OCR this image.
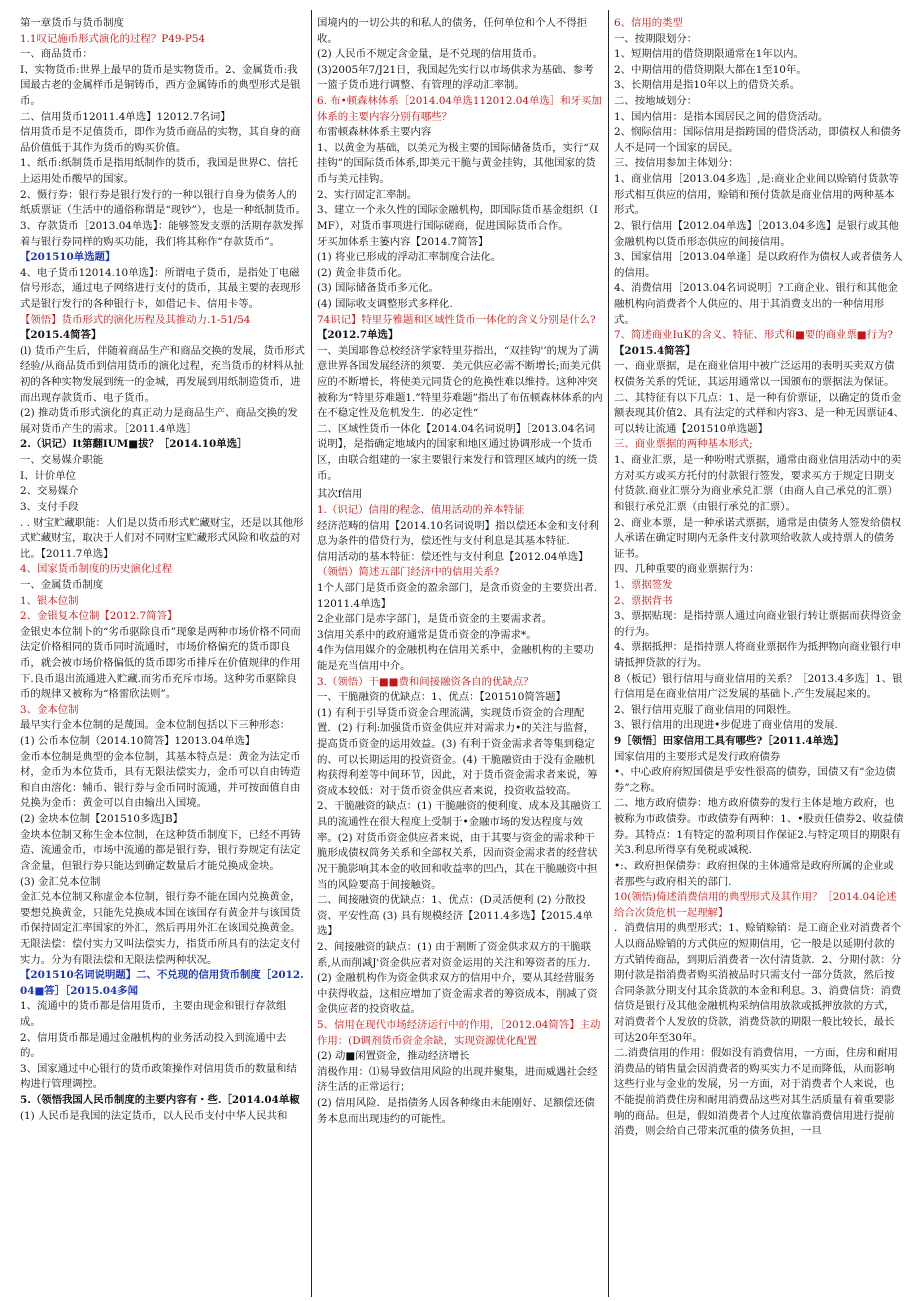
第一章货币与货币制度

1.1叹记施币形式演化的过程？P49-P54

一、商品货币：

I、实物货币:世界上最早的货币是实物货币。2、金属货币:我国最古老的金属样币是铜铸币，西方金属铸币的典型形式是银币。

二、信用货币12011.4单选】12012.7名词】

信用货币是不足值货币，即作为货币商品的实物，其自身的商品价值低于其作为货币的购买价值。

1、纸币:纸制货币是指用纸制作的货币，我国是世界C、信托上运用处币酸早的国家。

2、慑行券：银行券是银行发行的一种以银行自身为债务人的纸质票证（生活中的通俗称谓是“现钞”），也是一种纸制货币。

3、存款货币［2013.04单选】：能够签发支票的活期存款发挥着与银行券同样的购买功能，我们将其称作“存款货币”。

【201510单选题】

4、电子货币12014.10单选】：所谓电子货币，是指处丁电磁信号形态，通过电子网络进行支付的货币，其最主要的表现形式是银行发行的各种银行卡，如借记卡、信用卡等。

【领悟】货币形式的演化历程及其推动力.1-51/54

【2015.4简答】

(l) 货币产生后，伴随着商品生产和商品交换的发展，货币形式经验/从商品货币到信用货币的演化过程，充当货币的材料从扯初的各种实物发展到统一的金城，再发展到用纸制造货币，进而出现存款货币、电子货币。

(2) 推动货币形式演化的真正动力是商品生产、商品交换的发展对货币产生的需求。［2011.4单选］

2.（识记）It第翻IUM■拔？［2014.10单选］

一、交易媒介职能

I、计价单位

2、交易媒介

3、支付手段

. . 财宝贮藏职能：人们是以货币形式贮藏财宝，还是以其他形式贮藏财宝，取决于人们对不同财宝贮藏形式风险和收益的对比。【2011.7单选】

4、国家货币制度的历史演化过程

一、金属货币制度

1、银本位制

2、金银复本位制【2012.7简答】

金银史本位制卜的“劣币驱除良币”现象是两种市场价格不同而法定价格相同的货币同时流通时，市场价格偏充的货币即良币，就会被市场价格偏低的货币即劣币排斥在价值规律的作用下.良币退出流通进入贮藏.而劣币充斥市场。这种劣币驱除良币的规律又被称为“格雷欣法则”。

3、金本位制

最早实行金本位制的是蔑国。金本位制包括以下三种形态：

(1) 公币本位制（2014.10简答】12013.04单选】

金币本位制是典型的金本位制，其基本特点是：黄金为法定币材，金币为本位货币，具有无限法偿实力，金币可以自由铸造和自由溶化：辅币、银行券与金币同时流通，并可按面值自由兑换为金币：黄金可以自由输出入国境。

(2) 金块本位制【201510多选JB】

金块本位制又称生金本位制，在这种货币制度下，已经不再铸造、流通金币，市场中流通的都是银行券，银行券规定有法定含金量，但银行券只能达到确定数量后才能兑换成金块。

(3) 金汇兑本位制

金汇兑本位制又称虚金本位制，银行券不能在国内兑换黄金，要想兑换黄金，只能先兑换成本国在该国存有黄金并与该国货币保持固定汇率国家的外汇，然后再用外汇在该国兑换黄金。

无限法偿：偿付实力又叫法偿实力，指货币所具有的法定支付实力。分为有限法偿和无限法偿两种状况。

【201510名词说明题】二、不兑现的信用货币制度［2012.04■答］［2015.04多闻

1、流通中的货币都是信用货币，主要由现金和银行存款组成。

2、信用货币都是通过金融机构的业务活动投入到流通中去的。

3、国家通过中心银行的货币政策操作对信用货币的数量和结构进行管理调控。

5.（领悟我国人民币制度的主要内容有・些.［2014.04单椒

(1) 人民币是我国的法定货币，以人民币支付中华人民共和

国境内的一切公共的和私人的债务，任何单位和个人不得拒收。

(2) 人民币不规定含金量，是不兑现的信用货币。

(3)2005年7/J21日，我国起先实行以市场供求为基础、参考一篮子货币进行调整、有管理的浮动汇率制。

6. 布•顿森林体系［2014.04单选112012.04单选］和牙买加体系的主要内容分别有哪些？

布雷顿森林体系主要内容

1、以黄金为基础，以美元为极主要的国际储备货币，实行“双挂钩”的国际货币体系,即美元干脆与黄金挂钩，其他国家的货币与美元挂钩。

2、实行固定汇率制。

3、建立一个永久性的国际金融机构，即国际货币基金组织（IMF），对货币事项进行国际磋商，促进国际货币合作。

牙买加体系主篓内容【2014.7简答】

(1) 将业已形成的浮动汇率制度合法化。

(2) 黄金非货币化。

(3) 国际储备货币多元化。

(4) 国际收支调整形式多样化.

74识记】特里芬雅题和区域性货币一体化的含义分别是什么?

【2012.7单选】

一、美国耶鲁总校经济学家特里芬指出，“双挂钩'’的规为了满意世界各国发展经济的须要．美元供应必需不断增长;而美元供应的不断增长，将使美元同货仑的危换性难以维持。这种冲突被称为“特里芬难题1.”特里芬难题”指出了布伍顿森林体系的内在不稳定性及危机发生．的必定性“

二、区域性货币一体化【2014.04名词说明】［2013.04名词说明】，是指确定地域内的国家和地区通过协调形成一个货币区，由联合组建的一家主要银行来发行和管理区域内的统一货币。

其次f信用

1.（识记）信用的程念、值用活动的养本特征

经济范畴的信用【2014.10名词说明】指以偿还本金和支付利息为条件的借贷行为，偿还性与支付利息是其基本特征.

信用活动的基本特征：偿还性与支付利息【2012.04单选】

（领悟）简述五部门经济中的信用关系?

1个人部门是货币资金的盈余部门，是贪币资金的主要贷出者.12011.4单选】

2企业部门是赤字部门，是货币资金的主要需求者。

3信用关系中的政府通常是货币资金的净需求*。

4作为信用媒介的金融机构在信用关系中，金融机构的主要功能是充当信用中介。

3.（领悟）干■■费和间接融资各自的优缺点？

一、干脆融资的优缺点：1、优点：【201510简答题】

(1) 有利于引导货币资金合理流满，实现货币资金的合理配置．(2) 行利:加强货币资金供应并对需求力•的关注与监督，提高货币资金的运用效益。(3) 有利于资金需求者等集到稳定的、可以长期运用的投资资金。(4) 干脆融资由于没有金融机构获得利差等中间环节，因此，对于货币资金需求者来说，筹资成本较低：对于货币资金供应者来说，投资收益较高。

2、干脆融资的缺点：(1) 干脆融资的便利度、成本及其融资工具的流通性在很大程度上受制于•金融市场的发达程度与效率。(2) 对货币资金供应者来说，由于其要与资金的需求种干脆形成债权筒务关系和全部权关系，因而资金需求者的经营状况干脆影响其本金的收回和收益率的凹凸，其在干脆融资中担当的风险要高于间接触资。

二、间接融资的优缺点：1、优点：(D灵活便利 (2) 分散投资、平安性高 (3) 具有规模经济【2011.4多选】【2015.4单选】

2、间接融资的缺点：(1) 由于割断了资金供求双方的干脆联系,从而削减J'资金供应者对资金运用的关注和筹资者的压力．(2) 金融机构作为资金供求双方的信用中介，要从其经营服务中获得收益，这相应增加了资金需求者的筹资成本，削减了资金供应者的投资收益。

5、信用在现代市场经济运行中的作用，［2012.04简答】主动作用：(D调剂货币资金余缺，实现资源优化配置

(2) 动■闲置资金，推动经济增长

消极作用：⑴易导致信用风险的出现并聚集，进而威遇社会经济生活的正常运行；

(2) 信用风险．是指债务人因各种缘由未能刚好、足额偿还债务本息而出现违约的可能性。

6、信用的类型

一、按期限划分：

1、短期信用的借贷期限通常在1年以内。

2、中期信用的借贷期限大都在1至10年。

3、长期信用是指10年以上的借贷关系。

二、按地域划分：

1、国内信用：是指本国居民之间的借贷活动。

2、悯际信用：国际信用是指跨国的借贷活动，即债权人和债务人不是同一个国家的居民。

三、按信用参加主体划分：

1、商业信用［2013.04多选］,是:商业企业间以赊销付货款等形式相互供应的信用，赊销和预付货款是商业信用的两种基本形式。

2、银行信用【2012.04单选】［2013.04多选】是银行或其他金融机构以货币形态供应的间接信用。

3、国家信用［2013.04单逢］是以政府作为债权人或者债务人的信用。

4、消费信用［2013.04名词说明］?工商企业、银行和其他金融机构向消费者个人供应的、用于其消费支出的一种信用形式。

7、简述商业IuK的含义、特征、形式和■要的商业票■行为?

【2015.4简答】

一、商业票据，是在商业信用中被广泛运用的表明买卖双方债权债务关系的凭证，其运用通常以一国颁布的票据法为保证。

二、其特征有以下几点：1、是一种有价票证，以确定的货币金额表现其价值2、具有法定的式样和内容3、是一种无因票证4、可以转让流通【201510单选题】

三、商业票据的两种基本形式;

1、商业汇票，是一种吩咐式票据，通常由商业信用活动中的卖方对买方或买方托付的付款银行签发，要求买方于规定日期支付货款.商业汇票分为商业承兑汇票（由商人自己承兑的汇票）和银行承兑汇票（由银行承兑的汇票）。

2、商业本票，是一种承诺式票据，通常是由债务人签发给债权人承诺在确定时期内无条件支付款项给收款人或持票人的债务证书。

四、几种重要的商业票据行为：

1、票据签发

2、票据背书

3、票据贴现：是指持票人通过向商业银行转让票据而获得资金的行为。

4、票据抵押：是指持票人将商业票据作为抵押物向商业银行申请抵押贷款的行为。

8（板记）银行信用与商业信用的关系？［2013.4多选］1、银行信用是在商业信用广泛发展的基础卜.产生发展起来的。

2、银行信用克服了商业信用的同限性。

3、银行信用的出现进•步促进了商业信用的发展.

9［领悟］田家信用工具有哪些?［2011.4单选】

国家信用的主要形式是发行政府债券

•、中心政府府短国债是乎安性很高的债券，国债又有“金边债券”之称。

二、地方政府债券：地方政府债券的发行主体是地方政府，也被称为市政债券。市政债券有两种：1、•股贡任债券2、收益债券。其特点：1有特定的盈利项目作保证2.与特定项目的期限有关3.利息所得享有免税或减税.

•:、政府担保债券：政府担保的主体通常是政府所属的企业或者那些与政府相关的部门.

10(领悟)倚述消费信用的典型形式及其作用？［2014.04论述给合次货危机一起理解】

．消费信用的典型形式；1、赊销赊销：是工商企业对消费者个人以商品赊销的方式供应的短期信用，它一般是以延期付款的方式销传商品，到期后消费者一次付清货款．2、分期付款：分期付款是指消费者购买消被品时只需支付一部分货款，然后按合同条款分期支付其余货款的本金和利息。3、消费信贷：消费信贷是银行及其他金融机构采纳信用放款或抵押放款的方式，对消费者个人发放的贷款，消费贷款的期限一般比较长，最长可达20年至30年。

二.消费信用的作用：假如没有消费信用，一方面，住房和耐用消费品的销售量会因消费者的购买实力不足而降低，从而影响这些行业与金业的发展，另一方面，对于消费者个人来说，也不能提前消费住房和耐用消费品这些对其生活质量有着重要影响的商品。但是，假如消费者个人过度依靠消费信用进行提前消费，则会给自己带来沉重的债务负担，一旦
